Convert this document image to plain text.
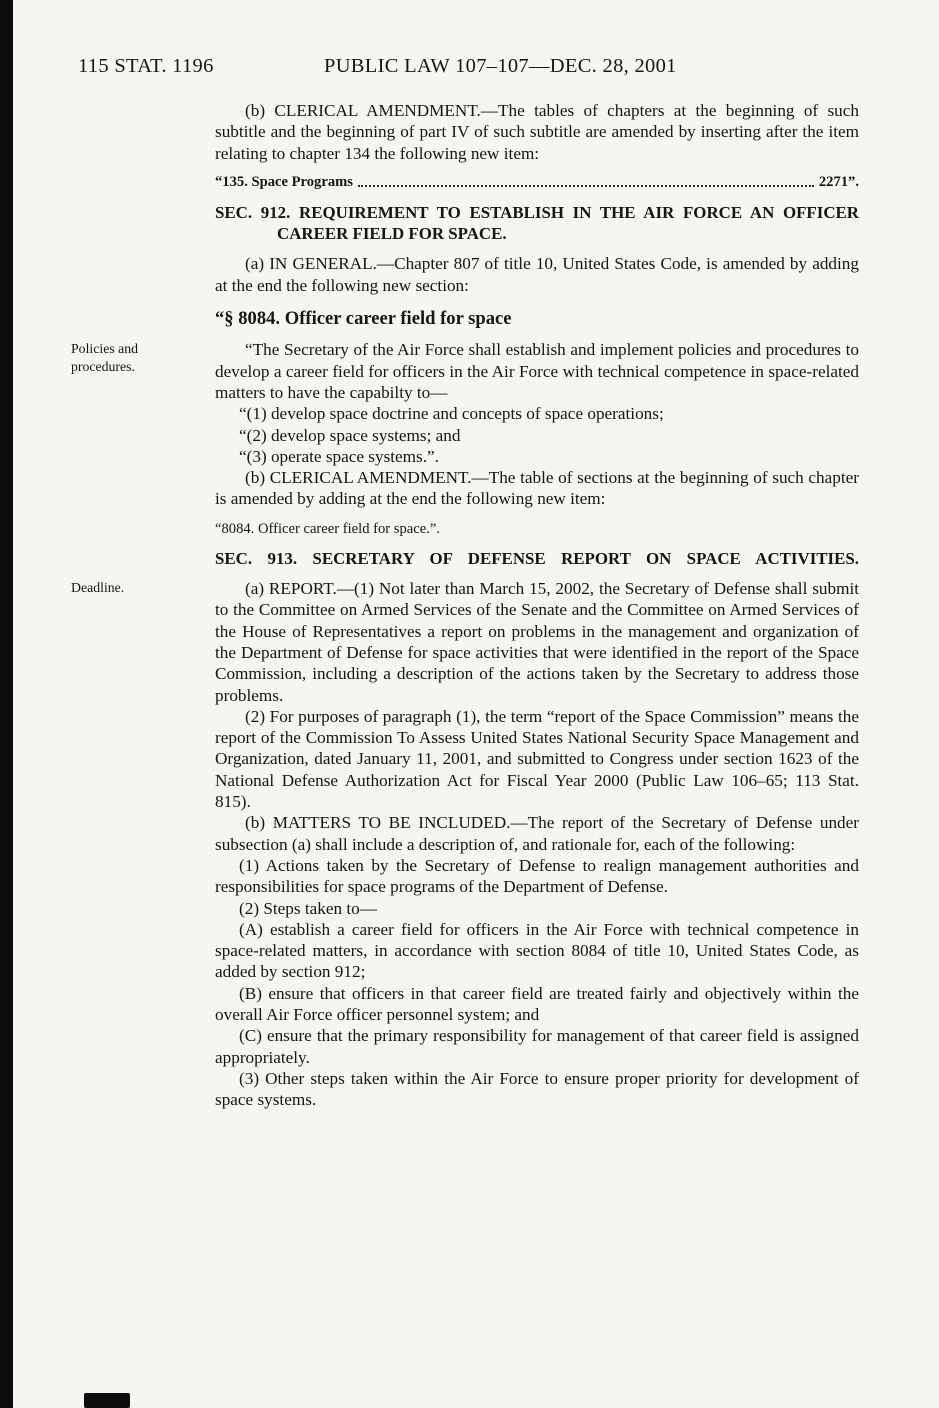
115 STAT. 1196	PUBLIC LAW 107–107—DEC. 28, 2001

(b) CLERICAL AMENDMENT.—The tables of chapters at the beginning of such subtitle and the beginning of part IV of such subtitle are amended by inserting after the item relating to chapter 134 the following new item:

“135. Space Programs	2271”.

SEC. 912. REQUIREMENT TO ESTABLISH IN THE AIR FORCE AN OFFICER CAREER FIELD FOR SPACE.

(a) IN GENERAL.—Chapter 807 of title 10, United States Code, is amended by adding at the end the following new section:

“§ 8084. Officer career field for space

Policies and procedures.
“The Secretary of the Air Force shall establish and implement policies and procedures to develop a career field for officers in the Air Force with technical competence in space-related matters to have the capabilty to—

“(1) develop space doctrine and concepts of space operations;

“(2) develop space systems; and

“(3) operate space systems.”.

(b) CLERICAL AMENDMENT.—The table of sections at the beginning of such chapter is amended by adding at the end the following new item:

“8084. Officer career field for space.”.

SEC. 913. SECRETARY OF DEFENSE REPORT ON SPACE ACTIVITIES.

Deadline.	(a) REPORT.—(1) Not later than March 15, 2002, the Secretary of Defense shall submit to the Committee on Armed Services of the Senate and the Committee on Armed Services of the House of Representatives a report on problems in the management and organization of the Department of Defense for space activities that were identified in the report of the Space Commission, including a description of the actions taken by the Secretary to address those problems.

(2) For purposes of paragraph (1), the term “report of the Space Commission” means the report of the Commission To Assess United States National Security Space Management and Organization, dated January 11, 2001, and submitted to Congress under section 1623 of the National Defense Authorization Act for Fiscal Year 2000 (Public Law 106–65; 113 Stat. 815).

(b) MATTERS TO BE INCLUDED.—The report of the Secretary of Defense under subsection (a) shall include a description of, and rationale for, each of the following:

(1) Actions taken by the Secretary of Defense to realign management authorities and responsibilities for space programs of the Department of Defense.

(2) Steps taken to—

(A) establish a career field for officers in the Air Force with technical competence in space-related matters, in accordance with section 8084 of title 10, United States Code, as added by section 912;

(B) ensure that officers in that career field are treated fairly and objectively within the overall Air Force officer personnel system; and

(C) ensure that the primary responsibility for management of that career field is assigned appropriately.

(3) Other steps taken within the Air Force to ensure proper priority for development of space systems.
